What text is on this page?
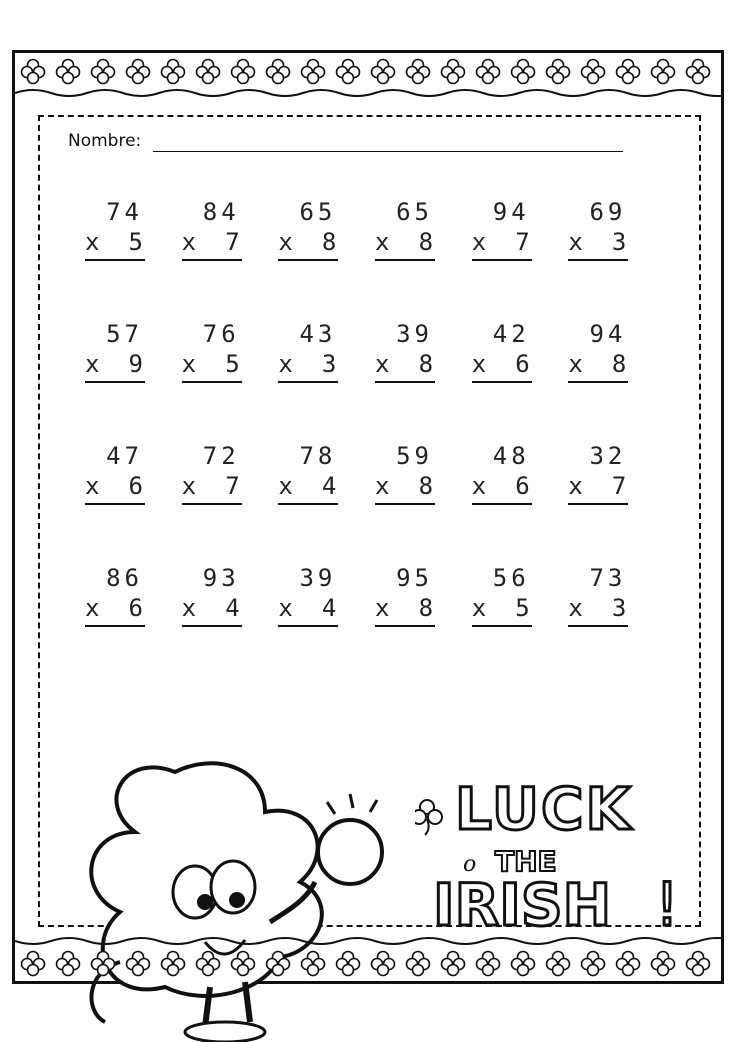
Nombre:
74
x 5
84
x 7
65
x 8
65
x 8
94
x 7
69
x 3
57
x 9
76
x 5
43
x 3
39
x 8
42
x 6
94
x 8
47
x 6
72
x 7
78
x 4
59
x 8
48
x 6
32
x 7
86
x 6
93
x 4
39
x 4
95
x 8
56
x 5
73
x 3
LUCK
o THE
IRISH !
